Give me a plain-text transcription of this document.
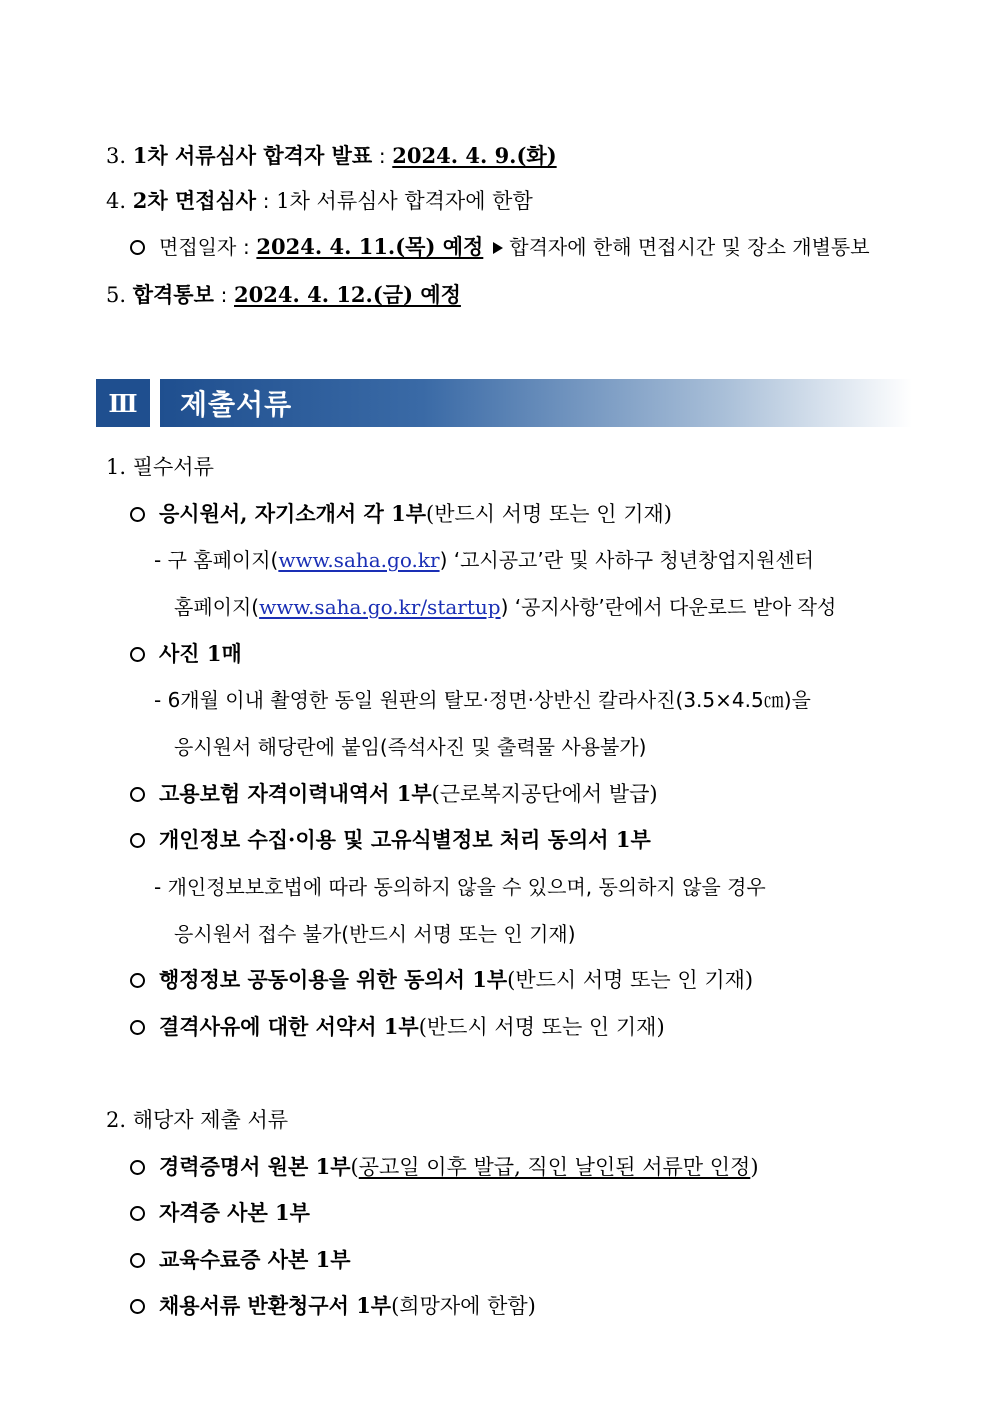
3. 1차 서류심사 합격자 발표 : 2024. 4. 9.(화)
4. 2차 면접심사 : 1차 서류심사 합격자에 한함
면접일자 : 2024. 4. 11.(목) 예정 합격자에 한해 면접시간 및 장소 개별통보
5. 합격통보 : 2024. 4. 12.(금) 예정
Ⅲ 제출서류
1. 필수서류
응시원서, 자기소개서 각 1부(반드시 서명 또는 인 기재)
- 구 홈페이지(www.saha.go.kr) ‘고시공고’란 및 사하구 청년창업지원센터
홈페이지(www.saha.go.kr/startup) ‘공지사항’란에서 다운로드 받아 작성
사진 1매
- 6개월 이내 촬영한 동일 원판의 탈모·정면·상반신 칼라사진(3.5×4.5㎝)을
응시원서 해당란에 붙임(즉석사진 및 출력물 사용불가)
고용보험 자격이력내역서 1부(근로복지공단에서 발급)
개인정보 수집·이용 및 고유식별정보 처리 동의서 1부
- 개인정보보호법에 따라 동의하지 않을 수 있으며, 동의하지 않을 경우
응시원서 접수 불가(반드시 서명 또는 인 기재)
행정정보 공동이용을 위한 동의서 1부(반드시 서명 또는 인 기재)
결격사유에 대한 서약서 1부(반드시 서명 또는 인 기재)
2. 해당자 제출 서류
경력증명서 원본 1부(공고일 이후 발급, 직인 날인된 서류만 인정)
자격증 사본 1부
교육수료증 사본 1부
채용서류 반환청구서 1부(희망자에 한함)
